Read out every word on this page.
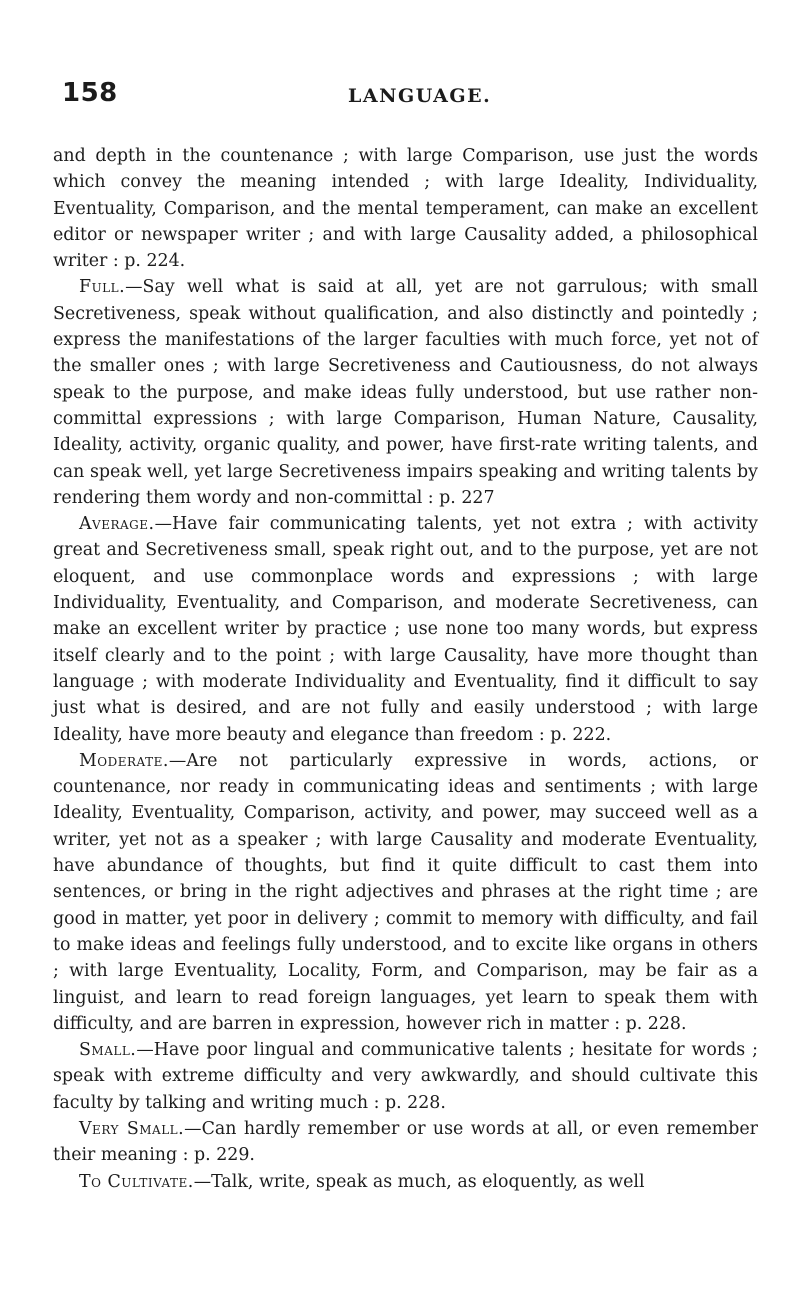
158	LANGUAGE.

and depth in the countenance ; with large Comparison, use just the words which convey the meaning intended ; with large Ideality, Individuality, Eventuality, Comparison, and the mental temperament, can make an excellent editor or newspaper writer ; and with large Causality added, a philosophical writer : p. 224.

Full.—Say well what is said at all, yet are not garrulous; with small Secretiveness, speak without qualification, and also distinctly and pointedly ; express the manifestations of the larger faculties with much force, yet not of the smaller ones ; with large Secretiveness and Cautiousness, do not always speak to the purpose, and make ideas fully understood, but use rather non-committal expressions ; with large Comparison, Human Nature, Causality, Ideality, activity, organic quality, and power, have first-rate writing talents, and can speak well, yet large Secretiveness impairs speaking and writing talents by rendering them wordy and non-committal : p. 227

Average.—Have fair communicating talents, yet not extra ; with activity great and Secretiveness small, speak right out, and to the purpose, yet are not eloquent, and use commonplace words and expressions ; with large Individuality, Eventuality, and Comparison, and moderate Secretiveness, can make an excellent writer by practice ; use none too many words, but express itself clearly and to the point ; with large Causality, have more thought than language ; with moderate Individuality and Eventuality, find it difficult to say just what is desired, and are not fully and easily understood ; with large Ideality, have more beauty and elegance than freedom : p. 222.

Moderate.—Are not particularly expressive in words, actions, or countenance, nor ready in communicating ideas and sentiments ; with large Ideality, Eventuality, Comparison, activity, and power, may succeed well as a writer, yet not as a speaker ; with large Causality and moderate Eventuality, have abundance of thoughts, but find it quite difficult to cast them into sentences, or bring in the right adjectives and phrases at the right time ; are good in matter, yet poor in delivery ; commit to memory with difficulty, and fail to make ideas and feelings fully understood, and to excite like organs in others ; with large Eventuality, Locality, Form, and Comparison, may be fair as a linguist, and learn to read foreign languages, yet learn to speak them with difficulty, and are barren in expression, however rich in matter : p. 228.

Small.—Have poor lingual and communicative talents ; hesitate for words ; speak with extreme difficulty and very awkwardly, and should cultivate this faculty by talking and writing much : p. 228.

Very Small.—Can hardly remember or use words at all, or even remember their meaning : p. 229.

To Cultivate.—Talk, write, speak as much, as eloquently, as well
